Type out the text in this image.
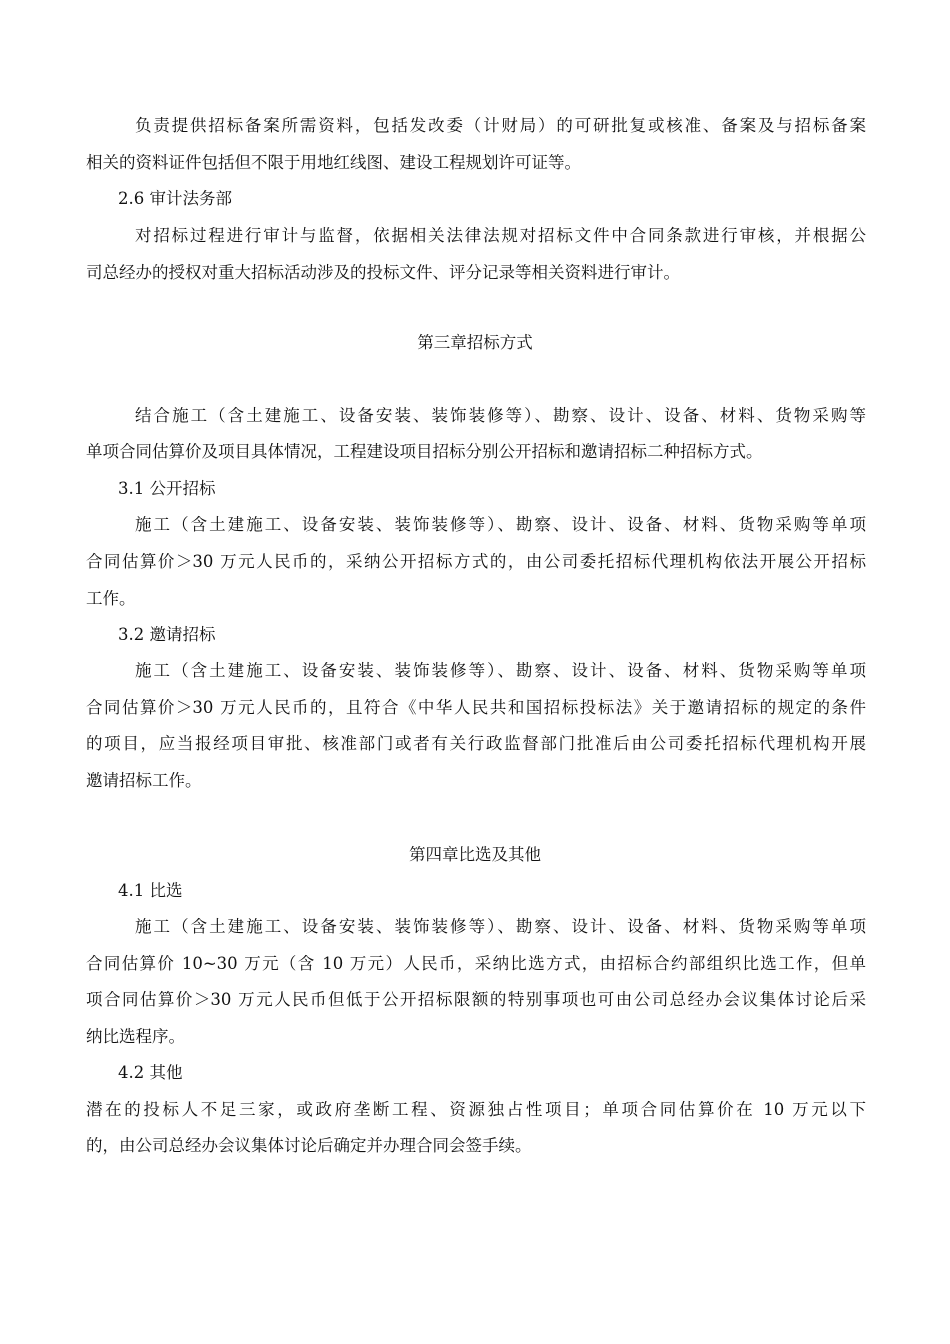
负责提供招标备案所需资料，包括发改委（计财局）的可研批复或核准、备案及与招标备案
相关的资料证件包括但不限于用地红线图、建设工程规划许可证等。
2.6 审计法务部
对招标过程进行审计与监督，依据相关法律法规对招标文件中合同条款进行审核，并根据公
司总经办的授权对重大招标活动涉及的投标文件、评分记录等相关资料进行审计。
第三章招标方式
结合施工（含土建施工、设备安装、装饰装修等）、勘察、设计、设备、材料、货物采购等
单项合同估算价及项目具体情况，工程建设项目招标分别公开招标和邀请招标二种招标方式。
3.1 公开招标
施工（含土建施工、设备安装、装饰装修等）、勘察、设计、设备、材料、货物采购等单项
合同估算价＞30 万元人民币的，采纳公开招标方式的，由公司委托招标代理机构依法开展公开招标
工作。
3.2 邀请招标
施工（含土建施工、设备安装、装饰装修等）、勘察、设计、设备、材料、货物采购等单项
合同估算价＞30 万元人民币的，且符合《中华人民共和国招标投标法》关于邀请招标的规定的条件
的项目，应当报经项目审批、核准部门或者有关行政监督部门批准后由公司委托招标代理机构开展
邀请招标工作。
第四章比选及其他
4.1 比选
施工（含土建施工、设备安装、装饰装修等）、勘察、设计、设备、材料、货物采购等单项
合同估算价 10~30 万元（含 10 万元）人民币，采纳比选方式，由招标合约部组织比选工作，但单
项合同估算价＞30 万元人民币但低于公开招标限额的特别事项也可由公司总经办会议集体讨论后采
纳比选程序。
4.2 其他
潜在的投标人不足三家，或政府垄断工程、资源独占性项目；单项合同估算价在 10 万元以下
的，由公司总经办会议集体讨论后确定并办理合同会签手续。
